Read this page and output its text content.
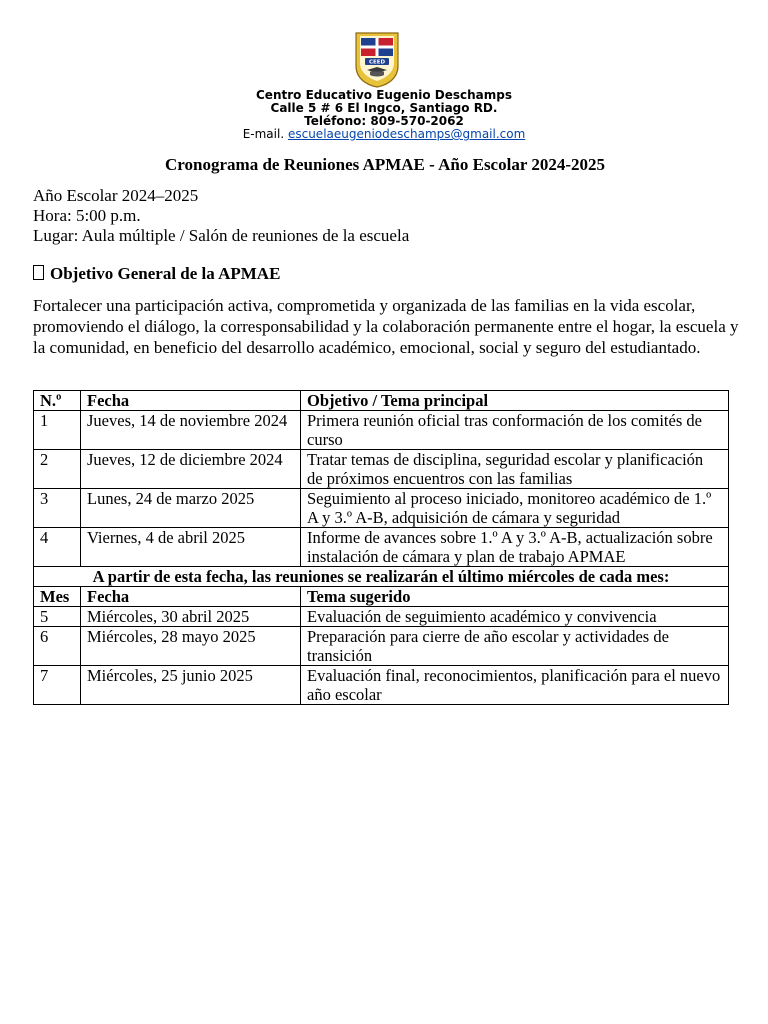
CEED
Centro Educativo Eugenio Deschamps
Calle 5 # 6 El Ingco, Santiago RD.
Teléfono: 809-570-2062
E-mail. escuelaeugeniodeschamps@gmail.com
Cronograma de Reuniones APMAE - Año Escolar 2024-2025
Año Escolar 2024–2025
Hora: 5:00 p.m.
Lugar: Aula múltiple / Salón de reuniones de la escuela
Objetivo General de la APMAE
Fortalecer una participación activa, comprometida y organizada de las familias en la vida escolar, promoviendo el diálogo, la corresponsabilidad y la colaboración permanente entre el hogar, la escuela y la comunidad, en beneficio del desarrollo académico, emocional, social y seguro del estudiantado.
N.º	Fecha	Objetivo / Tema principal
1	Jueves, 14 de noviembre 2024	Primera reunión oficial tras conformación de los comités de curso
2	Jueves, 12 de diciembre 2024	Tratar temas de disciplina, seguridad escolar y planificación de próximos encuentros con las familias
3	Lunes, 24 de marzo 2025	Seguimiento al proceso iniciado, monitoreo académico de 1.º A y 3.º A-B, adquisición de cámara y seguridad
4	Viernes, 4 de abril 2025	Informe de avances sobre 1.º A y 3.º A-B, actualización sobre instalación de cámara y plan de trabajo APMAE
A partir de esta fecha, las reuniones se realizarán el último miércoles de cada mes:		
Mes	Fecha	Tema sugerido
5	Miércoles, 30 abril 2025	Evaluación de seguimiento académico y convivencia
6	Miércoles, 28 mayo 2025	Preparación para cierre de año escolar y actividades de transición
7	Miércoles, 25 junio 2025	Evaluación final, reconocimientos, planificación para el nuevo año escolar
